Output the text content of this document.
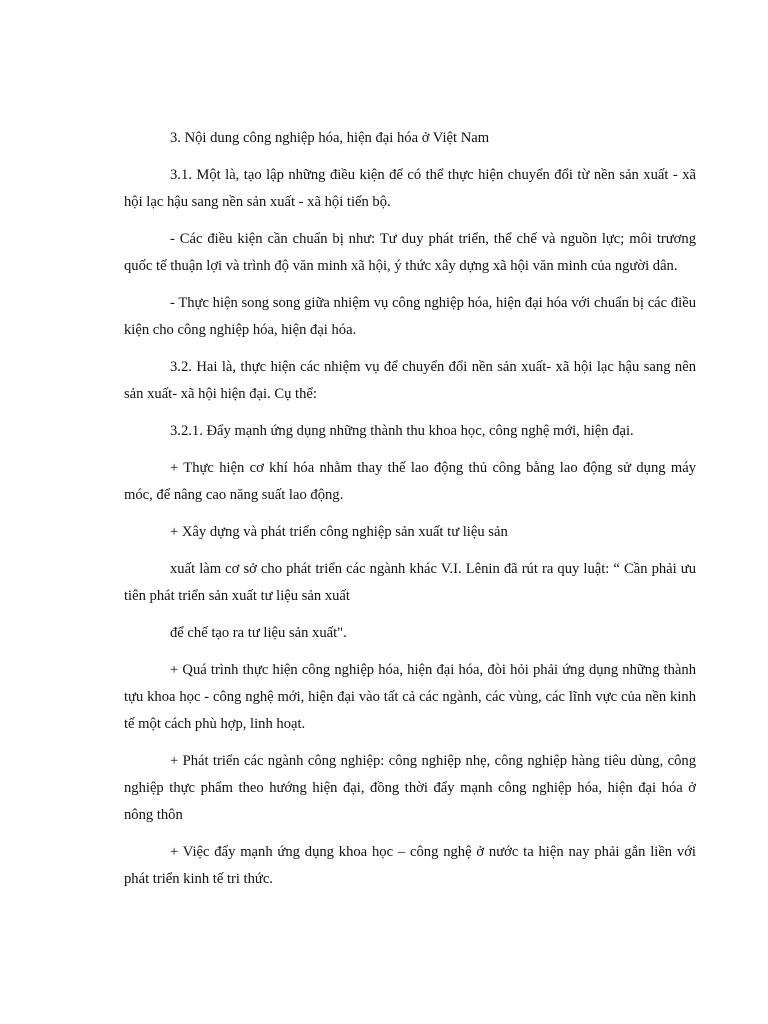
3. Nội dung công nghiệp hóa, hiện đại hóa ở Việt Nam

3.1. Một là, tạo lập những điều kiện để có thể thực hiện chuyển đổi từ nền sản xuất - xã hội lạc hậu sang nền sản xuất - xã hội tiến bộ.

- Các điều kiện cần chuẩn bị như: Tư duy phát triển, thể chế và nguồn lực; môi trương quốc tế thuận lợi và trình độ văn minh xã hội, ý thức xây dựng xã hội văn minh của người dân.

- Thực hiện song song giữa nhiệm vụ công nghiệp hóa, hiện đại hóa với chuẩn bị các điều kiện cho công nghiệp hóa, hiện đại hóa.

3.2. Hai là, thực hiện các nhiệm vụ để chuyển đổi nền sản xuất- xã hội lạc hậu sang nên sản xuất- xã hội hiện đại. Cụ thể:

3.2.1. Đẩy mạnh ứng dụng những thành thu khoa học, công nghệ mới, hiện đại.

+ Thực hiện cơ khí hóa nhằm thay thế lao động thủ công bằng lao động sử dụng máy móc, để nâng cao năng suất lao động.

+ Xây dựng và phát triển công nghiệp sản xuất tư liệu sản

xuất làm cơ sở cho phát triển các ngành khác V.I. Lênin đã rút ra quy luật: “ Cần phải ưu tiên phát triển sản xuất tư liệu sản xuất

để chế tạo ra tư liệu sản xuất".

+ Quá trình thực hiện công nghiệp hóa, hiện đại hóa, đòi hỏi phải ứng dụng những thành tựu khoa học - công nghệ mới, hiện đại vào tất cả các ngành, các vùng, các lĩnh vực của nền kinh tế một cách phù hợp, linh hoạt.

+ Phát triển các ngành công nghiệp: công nghiệp nhẹ, công nghiệp hàng tiêu dùng, công nghiệp thực phẩm theo hướng hiện đại, đồng thời đẩy mạnh công nghiệp hóa, hiện đại hóa ở nông thôn

+ Việc đẩy mạnh ứng dụng khoa học – công nghệ ở nước ta hiện nay phải gắn liền với phát triển kinh tế tri thức.
